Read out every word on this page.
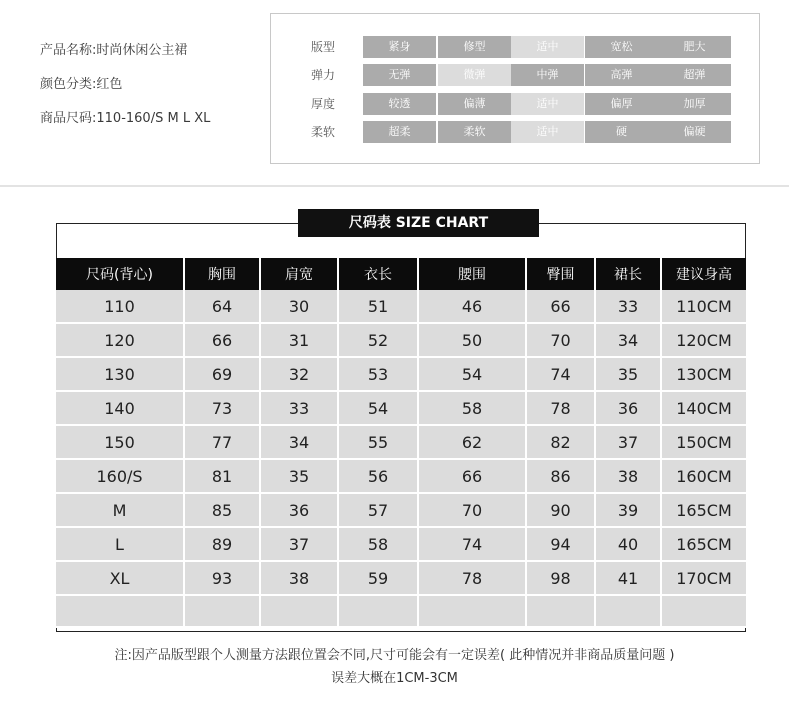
产品名称:时尚休闲公主裙
颜色分类:红色
商品尺码:110-160/S M L XL
版型	紧身	修型	适中	宽松	肥大
弹力	无弹	微弹	中弹	高弹	超弹
厚度	较透	偏薄	适中	偏厚	加厚
柔软	超柔	柔软	适中	硬	偏硬
尺码表 SIZE CHART
尺码(背心)	胸围	肩宽	衣长	腰围	臀围	裙长	建议身高
110	64	30	51	46	66	33	110CM
120	66	31	52	50	70	34	120CM
130	69	32	53	54	74	35	130CM
140	73	33	54	58	78	36	140CM
150	77	34	55	62	82	37	150CM
160/S	81	35	56	66	86	38	160CM
M	85	36	57	70	90	39	165CM
L	89	37	58	74	94	40	165CM
XL	93	38	59	78	98	41	170CM

注:因产品版型跟个人测量方法跟位置会不同,尺寸可能会有一定误差( 此种情况并非商品质量问题 )
误差大概在1CM-3CM
